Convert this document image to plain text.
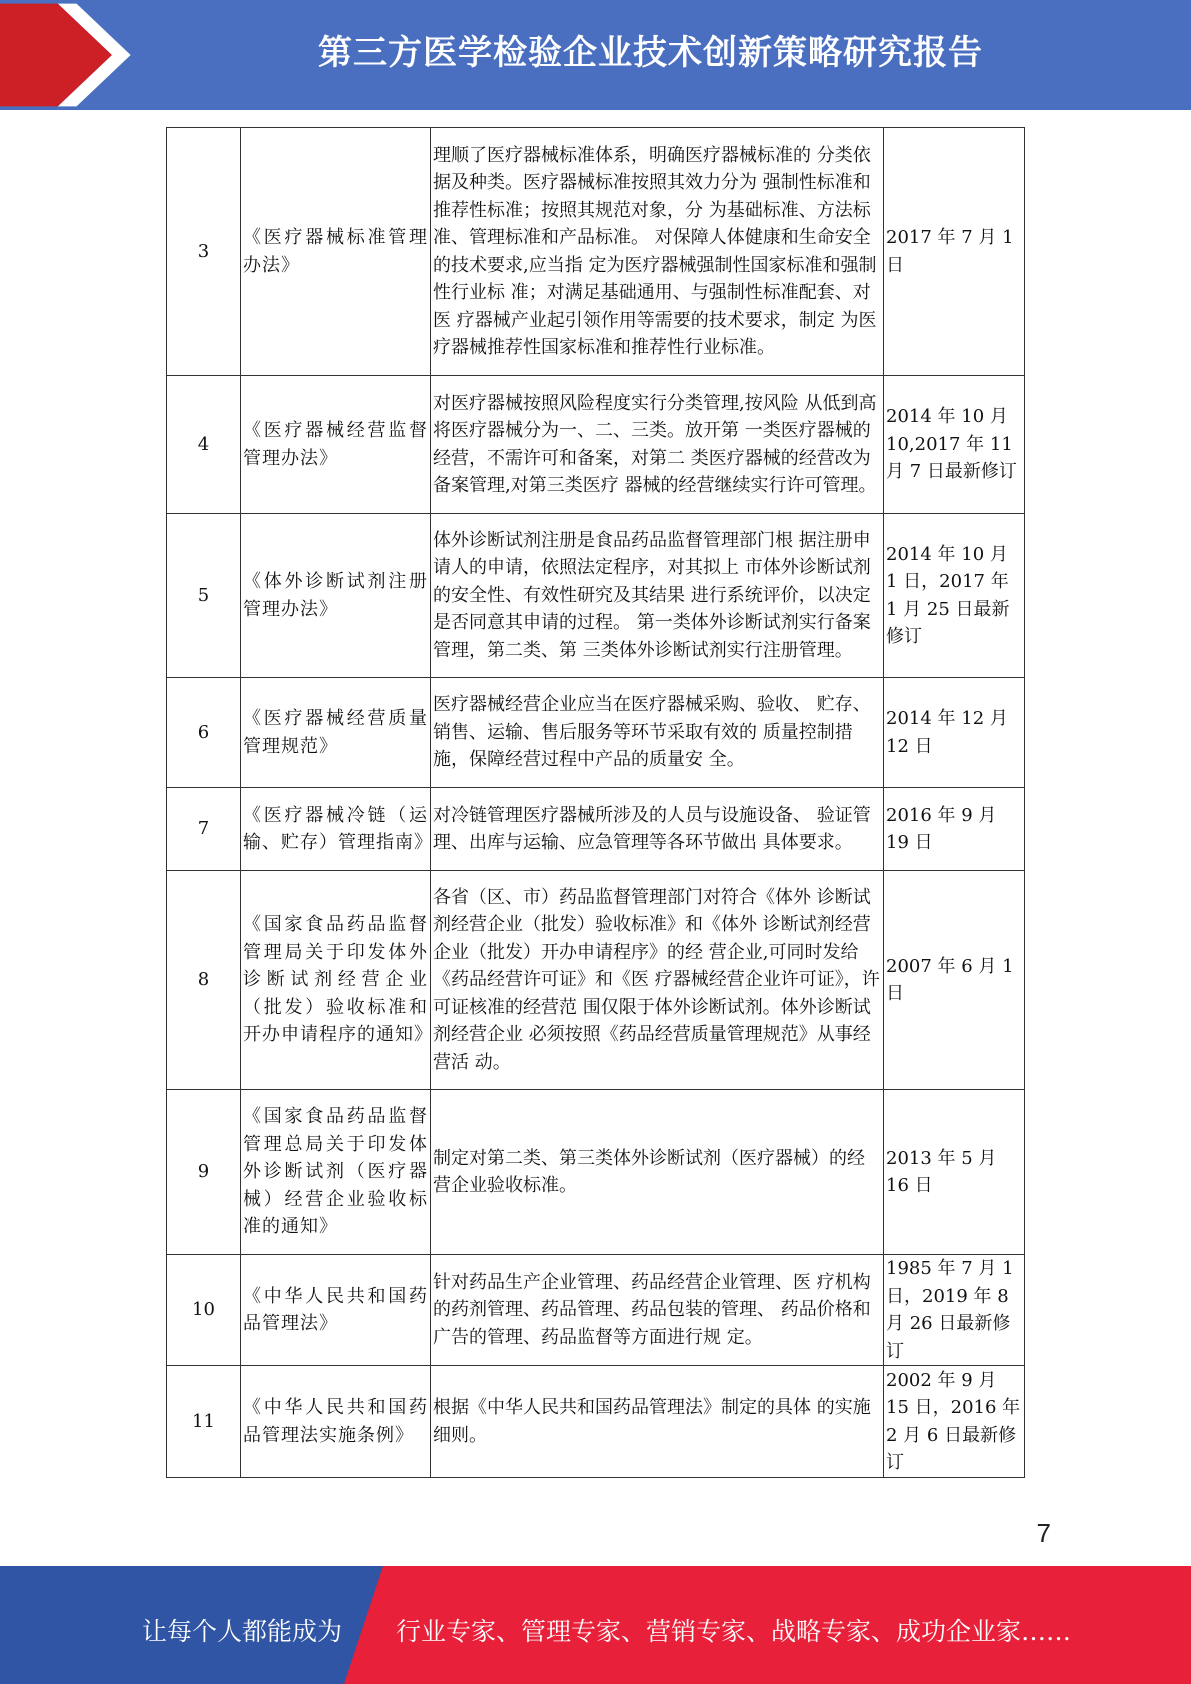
第三方医学检验企业技术创新策略研究报告
3	《医疗器械标准管理办法》	理顺了医疗器械标准体系，明确医疗器械标准的 分类依据及种类。医疗器械标准按照其效力分为 强制性标准和推荐性标准；按照其规范对象，分 为基础标准、方法标准、管理标准和产品标准。 对保障人体健康和生命安全的技术要求,应当指 定为医疗器械强制性国家标准和强制性行业标 准；对满足基础通用、与强制性标准配套、对医 疗器械产业起引领作用等需要的技术要求，制定 为医疗器械推荐性国家标准和推荐性行业标准。	2017 年 7 月 1 日
4	《医疗器械经营监督管理办法》	对医疗器械按照风险程度实行分类管理,按风险 从低到高将医疗器械分为一、二、三类。放开第 一类医疗器械的经营，不需许可和备案，对第二 类医疗器械的经营改为备案管理,对第三类医疗 器械的经营继续实行许可管理。	2014 年 10 月 10,2017 年 11 月 7 日最新修订
5	《体外诊断试剂注册管理办法》	体外诊断试剂注册是食品药品监督管理部门根 据注册申请人的申请，依照法定程序，对其拟上 市体外诊断试剂的安全性、有效性研究及其结果 进行系统评价，以决定是否同意其申请的过程。 第一类体外诊断试剂实行备案管理，第二类、第 三类体外诊断试剂实行注册管理。	2014 年 10 月 1 日，2017 年 1 月 25 日最新修订
6	《医疗器械经营质量管理规范》	医疗器械经营企业应当在医疗器械采购、验收、 贮存、销售、运输、售后服务等环节采取有效的 质量控制措施，保障经营过程中产品的质量安 全。	2014 年 12 月 12 日
7	《医疗器械冷链（运输、贮存）管理指南》	对冷链管理医疗器械所涉及的人员与设施设备、 验证管理、出库与运输、应急管理等各环节做出 具体要求。	2016 年 9 月 19 日
8	《国家食品药品监督管理局关于印发体外诊断试剂经营企业（批发）验收标准和开办申请程序的通知》	各省（区、市）药品监督管理部门对符合《体外 诊断试剂经营企业（批发）验收标准》和《体外 诊断试剂经营企业（批发）开办申请程序》的经 营企业,可同时发给《药品经营许可证》和《医 疗器械经营企业许可证》，许可证核准的经营范 围仅限于体外诊断试剂。体外诊断试剂经营企业 必须按照《药品经营质量管理规范》从事经营活 动。	2007 年 6 月 1 日
9	《国家食品药品监督管理总局关于印发体外诊断试剂（医疗器械）经营企业验收标准的通知》	制定对第二类、第三类体外诊断试剂（医疗器械）的经营企业验收标准。	2013 年 5 月 16 日
10	《中华人民共和国药品管理法》	针对药品生产企业管理、药品经营企业管理、医 疗机构的药剂管理、药品管理、药品包装的管理、 药品价格和广告的管理、药品监督等方面进行规 定。	1985 年 7 月 1 日，2019 年 8 月 26 日最新修订
11	《中华人民共和国药品管理法实施条例》	根据《中华人民共和国药品管理法》制定的具体 的实施细则。	2002 年 9 月 15 日，2016 年 2 月 6 日最新修订
7
让每个人都能成为 行业专家、管理专家、营销专家、战略专家、成功企业家……
